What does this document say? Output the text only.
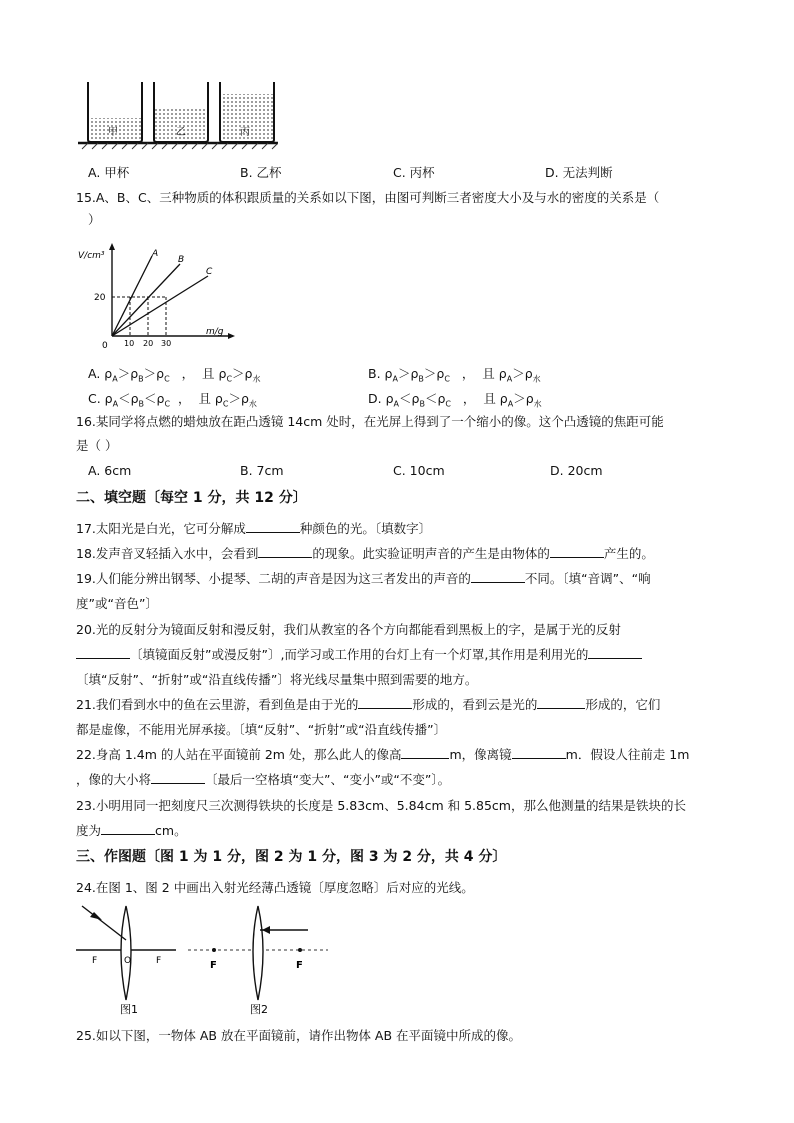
甲	乙	丙
A. 甲杯	B. 乙杯	C. 丙杯	D. 无法判断
15.A、B、C、三种物质的体积跟质量的关系如以下图，由图可判断三者密度大小及与水的密度的关系是（
）
V/cm³
m/g
0 10 20 30
20
A
B
C
A. $\rho_A>\rho_B>\rho_C$   ，  且 $\rho_C>\rho_水$	B. $\rho_A>\rho_B>\rho_C$   ，  且 $\rho_A>\rho_水$
C. $\rho_A<\rho_B<\rho_C$  ，  且 $\rho_C>\rho_水$	D. $\rho_A<\rho_B<\rho_C$   ，  且 $\rho_A>\rho_水$
16.某同学将点燃的蜡烛放在距凸透镜 14cm 处时，在光屏上得到了一个缩小的像。这个凸透镜的焦距可能
是（ ）
A. 6cm	B. 7cm	C. 10cm	D. 20cm
二、填空题〔每空 1 分，共 12 分〕
17.太阳光是白光，它可分解成	种颜色的光。〔填数字〕
18.发声音叉轻插入水中，会看到	的现象。此实验证明声音的产生是由物体的	产生的。
19.人们能分辨出钢琴、小提琴、二胡的声音是因为这三者发出的声音的	不同。〔填“音调”、“响
度”或“音色”〕
20.光的反射分为镜面反射和漫反射，我们从教室的各个方向都能看到黑板上的字，是属于光的反射
〔填镜面反射”或漫反射”〕,而学习或工作用的台灯上有一个灯罩,其作用是利用光的
〔填“反射”、“折射”或“沿直线传播”〕将光线尽量集中照到需要的地方。
21.我们看到水中的鱼在云里游，看到鱼是由于光的	形成的，看到云是光的	形成的，它们
都是虚像，不能用光屏承接。〔填“反射”、“折射”或“沿直线传播”〕
22.身高 1.4m 的人站在平面镜前 2m 处，那么此人的像高	m，像离镜	m．假设人往前走 1m
，像的大小将	〔最后一空格填“变大”、“变小”或“不变”〕。
23.小明用同一把刻度尺三次测得铁块的长度是 5.83cm、5.84cm 和 5.85cm，那么他测量的结果是铁块的长
度为	cm。
三、作图题〔图 1 为 1 分，图 2 为 1 分，图 3 为 2 分，共 4 分〕
24.在图 1、图 2 中画出入射光经薄凸透镜〔厚度忽略〕后对应的光线。
F	O	F
图1
F	F
图2
25.如以下图，一物体 AB 放在平面镜前，请作出物体 AB 在平面镜中所成的像。
